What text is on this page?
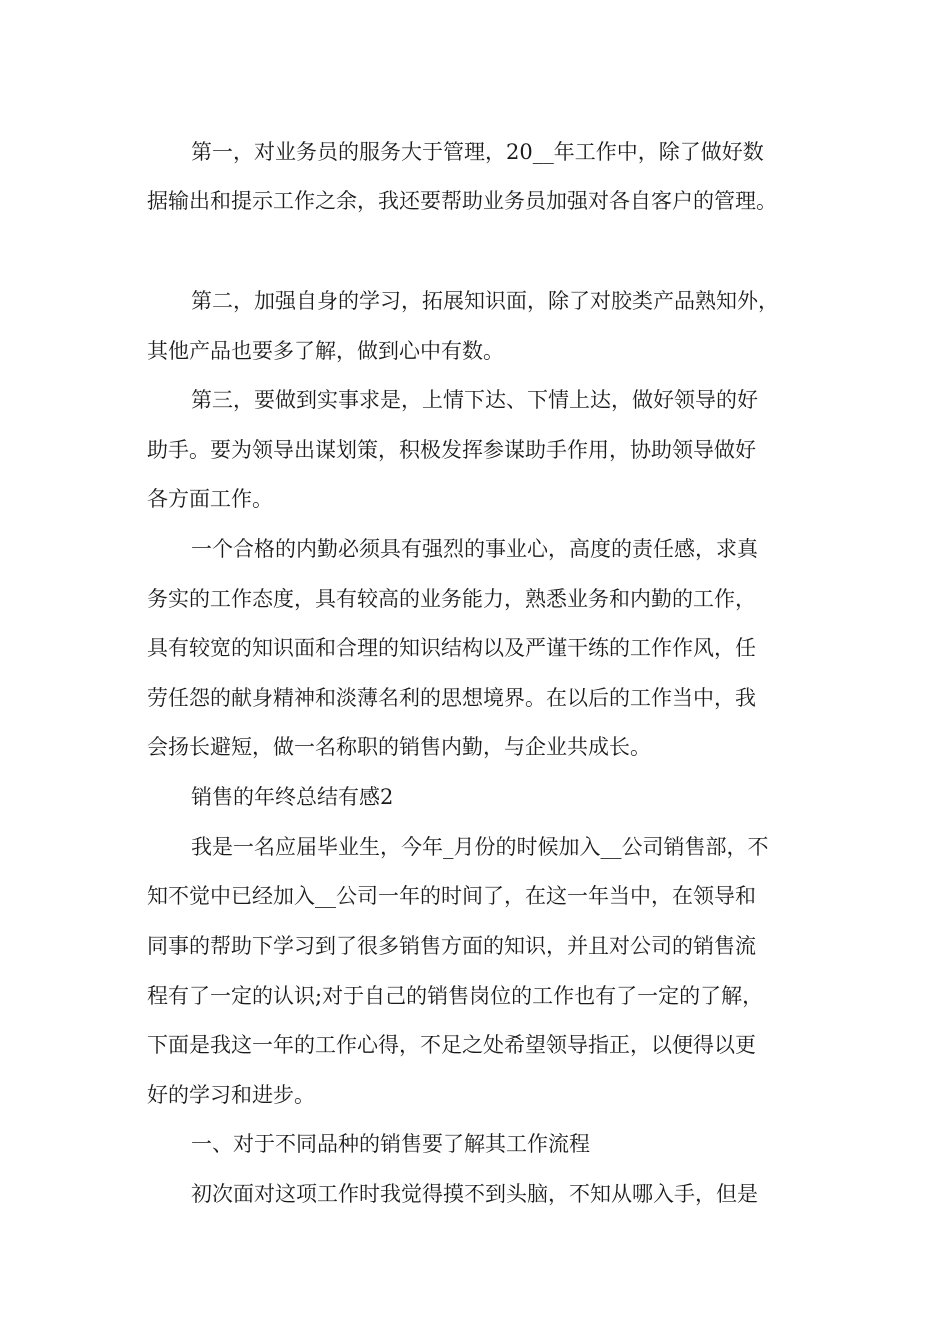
第一，对业务员的服务大于管理，20__年工作中，除了做好数
据输出和提示工作之余，我还要帮助业务员加强对各自客户的管理。
第二，加强自身的学习，拓展知识面，除了对胶类产品熟知外，
其他产品也要多了解，做到心中有数。
第三，要做到实事求是，上情下达、下情上达，做好领导的好
助手。要为领导出谋划策，积极发挥参谋助手作用，协助领导做好
各方面工作。
一个合格的内勤必须具有强烈的事业心，高度的责任感，求真
务实的工作态度，具有较高的业务能力，熟悉业务和内勤的工作，
具有较宽的知识面和合理的知识结构以及严谨干练的工作作风，任
劳任怨的献身精神和淡薄名利的思想境界。在以后的工作当中，我
会扬长避短，做一名称职的销售内勤，与企业共成长。
销售的年终总结有感2
我是一名应届毕业生，今年_月份的时候加入__公司销售部，不
知不觉中已经加入__公司一年的时间了，在这一年当中，在领导和
同事的帮助下学习到了很多销售方面的知识，并且对公司的销售流
程有了一定的认识;对于自己的销售岗位的工作也有了一定的了解，
下面是我这一年的工作心得，不足之处希望领导指正，以便得以更
好的学习和进步。
一、对于不同品种的销售要了解其工作流程
初次面对这项工作时我觉得摸不到头脑，不知从哪入手，但是
